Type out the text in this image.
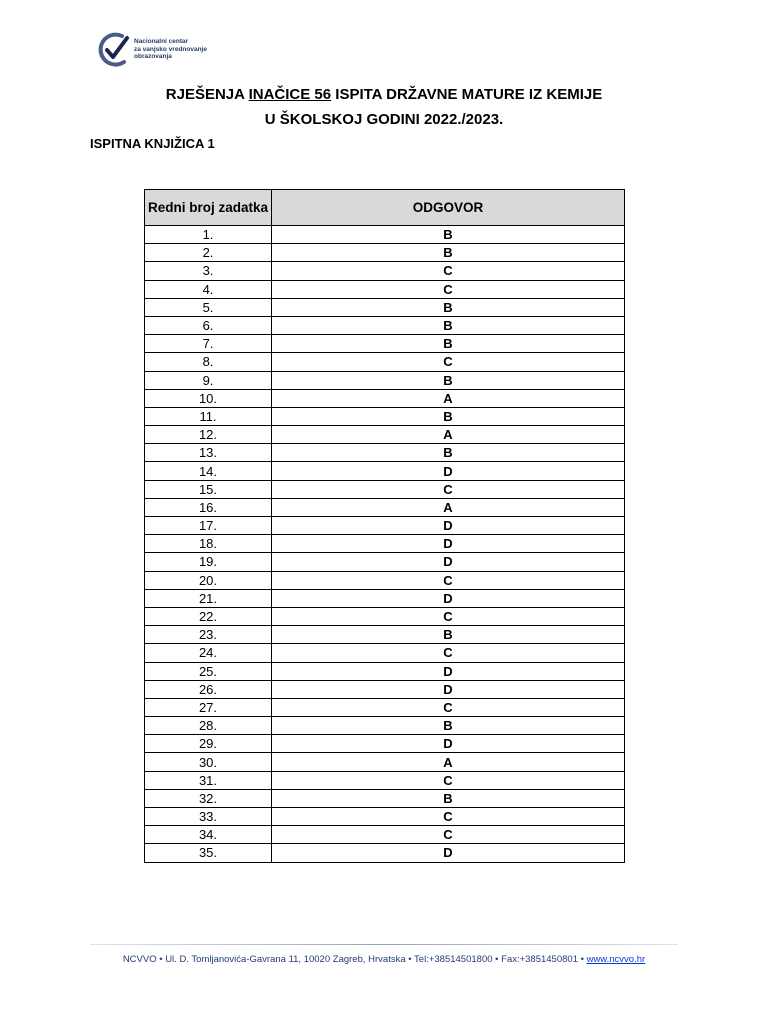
Nacionalni centar
za vanjsko vrednovanje
obrazovanja
RJEŠENJA INAČICE 56 ISPITA DRŽAVNE MATURE IZ KEMIJE
U ŠKOLSKOJ GODINI 2022./2023.
ISPITNA KNJIŽICA 1
Redni broj zadatka	ODGOVOR
1.	B
2.	B
3.	C
4.	C
5.	B
6.	B
7.	B
8.	C
9.	B
10.	A
11.	B
12.	A
13.	B
14.	D
15.	C
16.	A
17.	D
18.	D
19.	D
20.	C
21.	D
22.	C
23.	B
24.	C
25.	D
26.	D
27.	C
28.	B
29.	D
30.	A
31.	C
32.	B
33.	C
34.	C
35.	D
NCVVO • Ul. D. Tomljanovića-Gavrana 11, 10020 Zagreb, Hrvatska • Tel:+38514501800 • Fax:+3851450801 • www.ncvvo.hr
